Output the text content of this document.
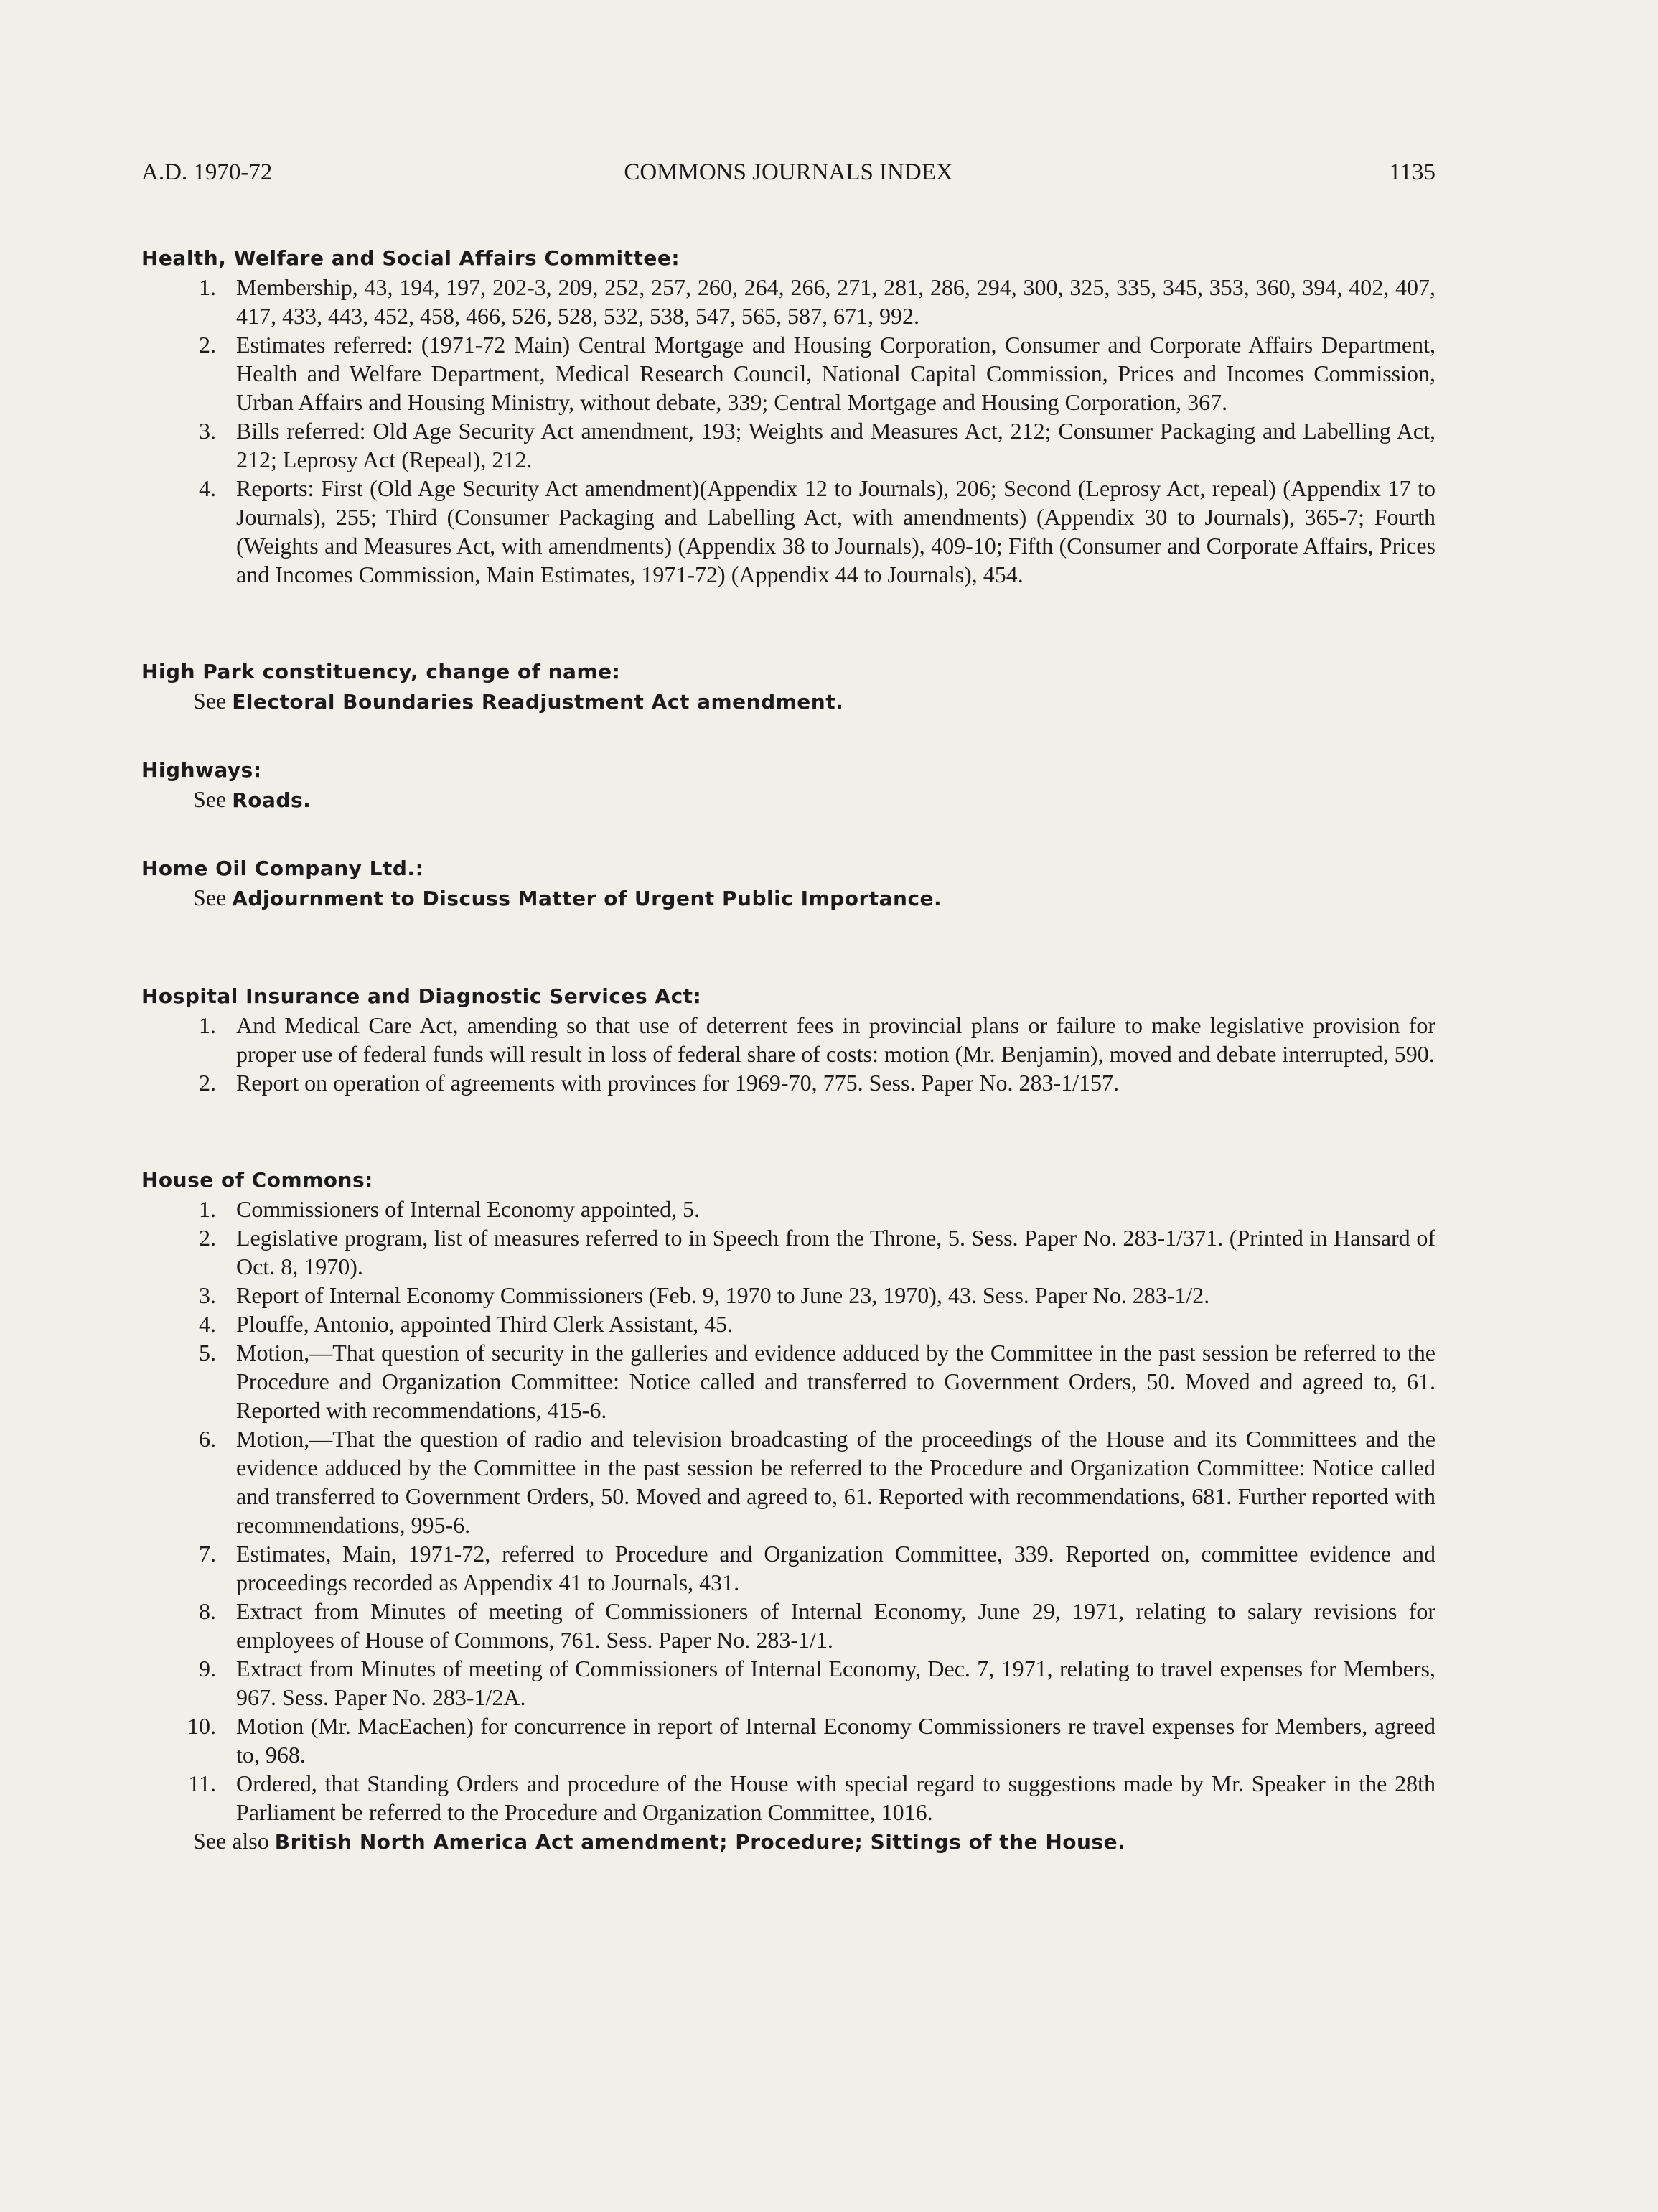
A.D. 1970-72	COMMONS JOURNALS INDEX	1135
Health, Welfare and Social Affairs Committee:
1. Membership, 43, 194, 197, 202-3, 209, 252, 257, 260, 264, 266, 271, 281, 286, 294, 300, 325, 335, 345, 353, 360, 394, 402, 407, 417, 433, 443, 452, 458, 466, 526, 528, 532, 538, 547, 565, 587, 671, 992.
2. Estimates referred: (1971-72 Main) Central Mortgage and Housing Corporation, Consumer and Corporate Affairs Department, Health and Welfare Department, Medical Research Council, National Capital Commission, Prices and Incomes Commission, Urban Affairs and Housing Ministry, without debate, 339; Central Mortgage and Housing Corporation, 367.
3. Bills referred: Old Age Security Act amendment, 193; Weights and Measures Act, 212; Consumer Packaging and Labelling Act, 212; Leprosy Act (Repeal), 212.
4. Reports: First (Old Age Security Act amendment)(Appendix 12 to Journals), 206; Second (Leprosy Act, repeal) (Appendix 17 to Journals), 255; Third (Consumer Packaging and Labelling Act, with amendments) (Appendix 30 to Journals), 365-7; Fourth (Weights and Measures Act, with amendments) (Appendix 38 to Journals), 409-10; Fifth (Consumer and Corporate Affairs, Prices and Incomes Commission, Main Estimates, 1971-72) (Appendix 44 to Journals), 454.
High Park constituency, change of name:
See Electoral Boundaries Readjustment Act amendment.
Highways:
See Roads.
Home Oil Company Ltd.:
See Adjournment to Discuss Matter of Urgent Public Importance.
Hospital Insurance and Diagnostic Services Act:
1. And Medical Care Act, amending so that use of deterrent fees in provincial plans or failure to make legislative provision for proper use of federal funds will result in loss of federal share of costs: motion (Mr. Benjamin), moved and debate interrupted, 590.
2. Report on operation of agreements with provinces for 1969-70, 775. Sess. Paper No. 283-1/157.
House of Commons:
1. Commissioners of Internal Economy appointed, 5.
2. Legislative program, list of measures referred to in Speech from the Throne, 5. Sess. Paper No. 283-1/371. (Printed in Hansard of Oct. 8, 1970).
3. Report of Internal Economy Commissioners (Feb. 9, 1970 to June 23, 1970), 43. Sess. Paper No. 283-1/2.
4. Plouffe, Antonio, appointed Third Clerk Assistant, 45.
5. Motion,—That question of security in the galleries and evidence adduced by the Committee in the past session be referred to the Procedure and Organization Committee: Notice called and transferred to Government Orders, 50. Moved and agreed to, 61. Reported with recommendations, 415-6.
6. Motion,—That the question of radio and television broadcasting of the proceedings of the House and its Committees and the evidence adduced by the Committee in the past session be referred to the Procedure and Organization Committee: Notice called and transferred to Government Orders, 50. Moved and agreed to, 61. Reported with recommendations, 681. Further reported with recommendations, 995-6.
7. Estimates, Main, 1971-72, referred to Procedure and Organization Committee, 339. Reported on, committee evidence and proceedings recorded as Appendix 41 to Journals, 431.
8. Extract from Minutes of meeting of Commissioners of Internal Economy, June 29, 1971, relating to salary revisions for employees of House of Commons, 761. Sess. Paper No. 283-1/1.
9. Extract from Minutes of meeting of Commissioners of Internal Economy, Dec. 7, 1971, relating to travel expenses for Members, 967. Sess. Paper No. 283-1/2A.
10. Motion (Mr. MacEachen) for concurrence in report of Internal Economy Commissioners re travel expenses for Members, agreed to, 968.
11. Ordered, that Standing Orders and procedure of the House with special regard to suggestions made by Mr. Speaker in the 28th Parliament be referred to the Procedure and Organization Committee, 1016.
See also British North America Act amendment; Procedure; Sittings of the House.
